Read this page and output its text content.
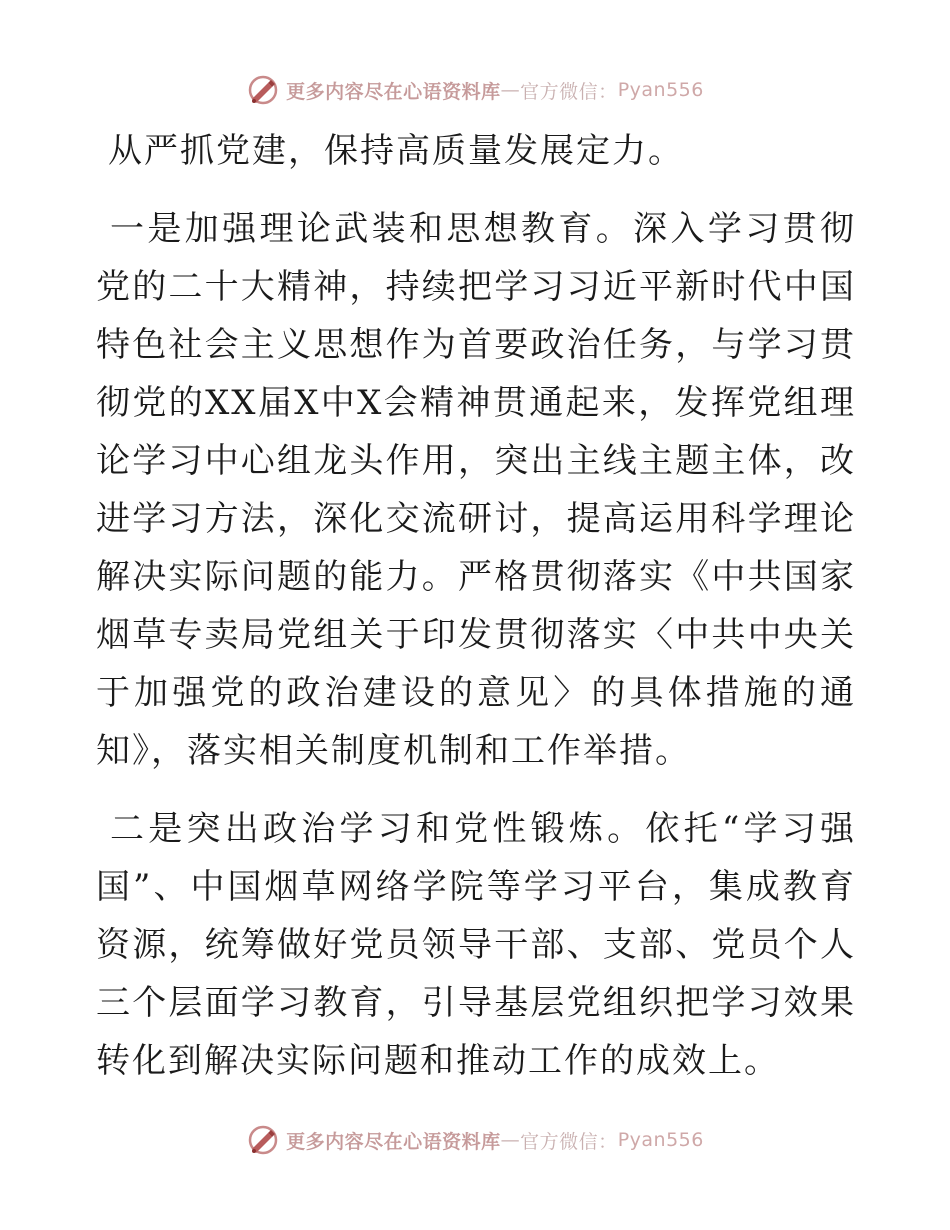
更多内容尽在心语资料库 — 官方微信： Pyan556

从严抓党建，保持高质量发展定力。

一是加强理论武装和思想教育。深入学习贯彻党的二十大精神，持续把学习习近平新时代中国特色社会主义思想作为首要政治任务，与学习贯彻党的XX届X中X会精神贯通起来，发挥党组理论学习中心组龙头作用，突出主线主题主体，改进学习方法，深化交流研讨，提高运用科学理论解决实际问题的能力。严格贯彻落实《中共国家烟草专卖局党组关于印发贯彻落实〈中共中央关于加强党的政治建设的意见〉的具体措施的通知》，落实相关制度机制和工作举措。

二是突出政治学习和党性锻炼。依托“学习强国”、中国烟草网络学院等学习平台，集成教育资源，统筹做好党员领导干部、支部、党员个人三个层面学习教育，引导基层党组织把学习效果转化到解决实际问题和推动工作的成效上。

更多内容尽在心语资料库 — 官方微信： Pyan556
